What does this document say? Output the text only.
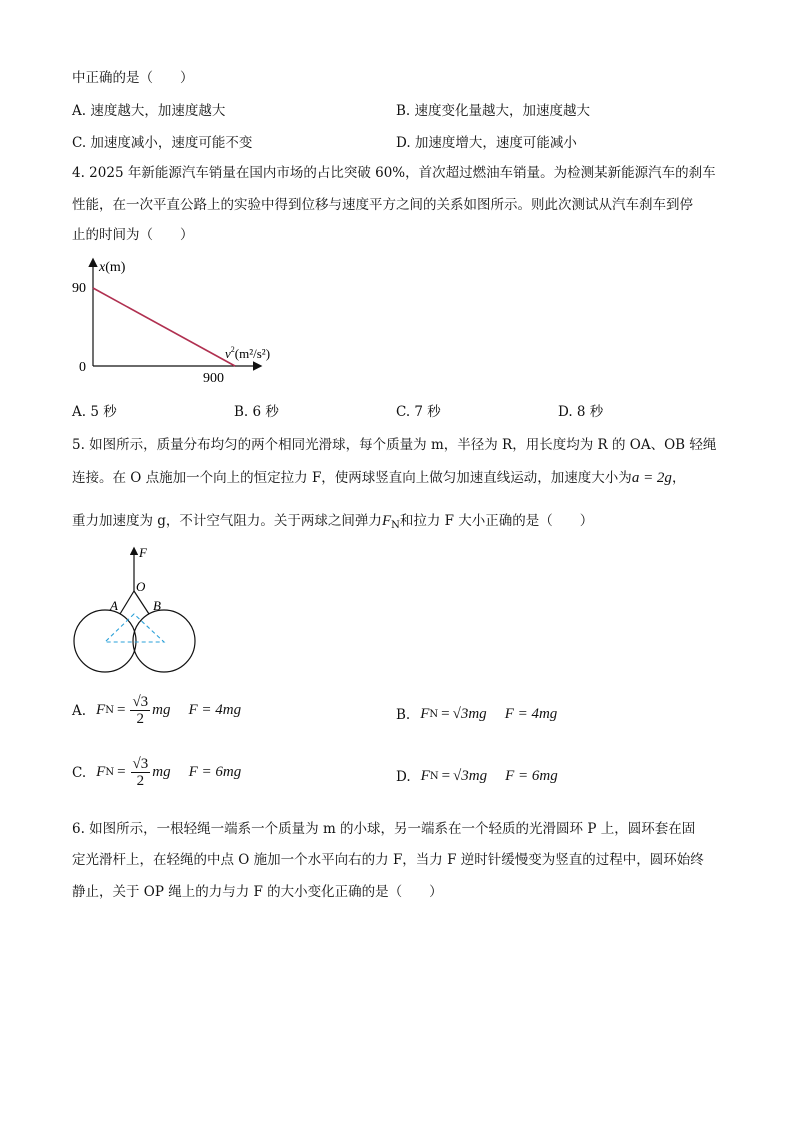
中正确的是（　　）
A. 速度越大，加速度越大	B. 速度变化量越大，加速度越大
C. 加速度减小，速度可能不变	D. 加速度增大，速度可能减小
4. 2025 年新能源汽车销量在国内市场的占比突破 60%，首次超过燃油车销量。为检测某新能源汽车的刹车
性能，在一次平直公路上的实验中得到位移与速度平方之间的关系如图所示。则此次测试从汽车刹车到停
止的时间为（　　）
x(m)
90
0
900
$v^2(m^2/s^2)$
A. 5 秒	B. 6 秒	C. 7 秒	D. 8 秒
5. 如图所示，质量分布均匀的两个相同光滑球，每个质量为 m，半径为 R，用长度均为 R 的 OA、OB 轻绳
连接。在 O 点施加一个向上的恒定拉力 F，使两球竖直向上做匀加速直线运动，加速度大小为a = 2g，
重力加速度为 g，不计空气阻力。关于两球之间弹力$F_N$和拉力 F 大小正确的是（　　）
F
O
A	B
A. F $N = \frac{√3}{2}$ mg F = 4mg	B. F N = √3mg F = 4mg
C. F $N = \frac{√3}{2}$ mg F = 6mg	D. F N = √3mg F = 6mg
6. 如图所示，一根轻绳一端系一个质量为 m 的小球，另一端系在一个轻质的光滑圆环 P 上，圆环套在固
定光滑杆上，在轻绳的中点 O 施加一个水平向右的力 F，当力 F 逆时针缓慢变为竖直的过程中，圆环始终
静止，关于 OP 绳上的力与力 F 的大小变化正确的是（　　）
